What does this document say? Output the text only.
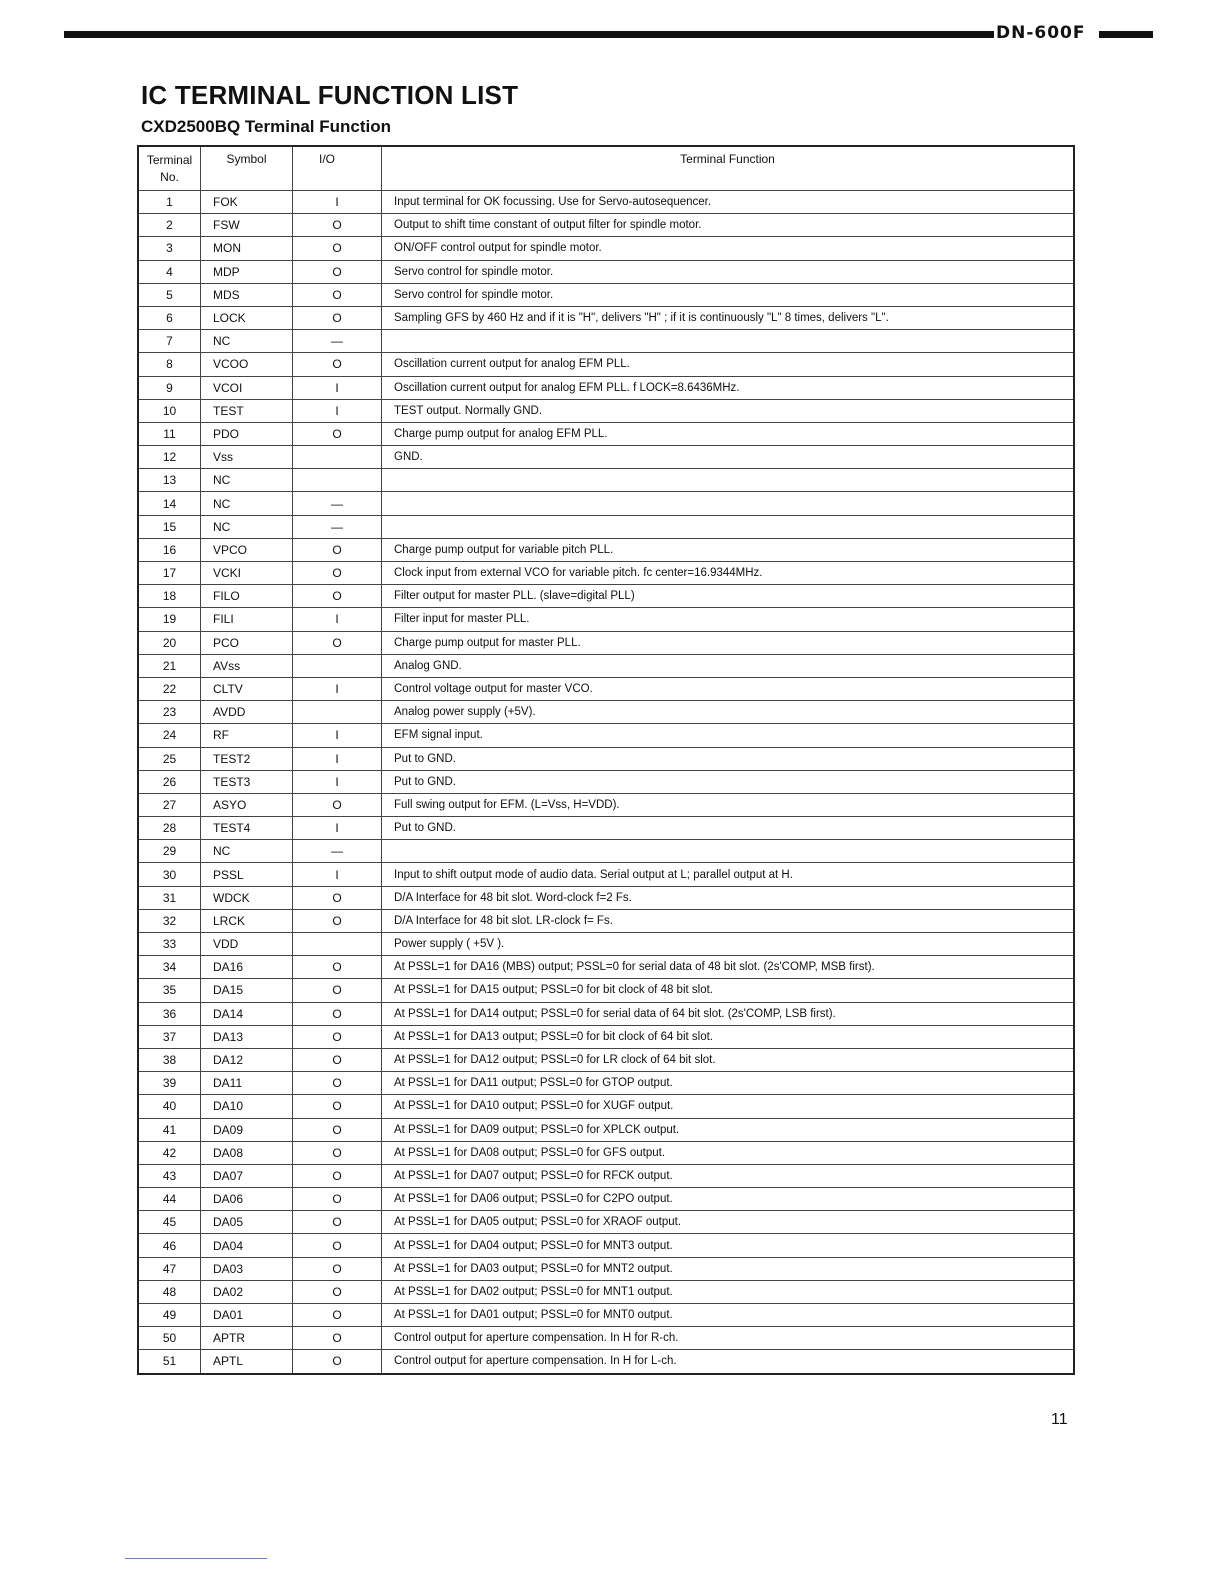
DN-600F
IC TERMINAL FUNCTION LIST
CXD2500BQ Terminal Function
Terminal
No.	Symbol	I/O	Terminal Function
1	FOK	I	Input terminal for OK focussing. Use for Servo-autosequencer.
2	FSW	O	Output to shift time constant of output filter for spindle motor.
3	MON	O	ON/OFF control output for spindle motor.
4	MDP	O	Servo control for spindle motor.
5	MDS	O	Servo control for spindle motor.
6	LOCK	O	Sampling GFS by 460 Hz and if it is "H", delivers "H" ; if it is continuously "L" 8 times, delivers "L".
7	NC	—	
8	VCOO	O	Oscillation current output for analog EFM PLL.
9	VCOI	I	Oscillation current output for analog EFM PLL. f LOCK=8.6436MHz.
10	TEST	I	TEST output. Normally GND.
11	PDO	O	Charge pump output for analog EFM PLL.
12	Vss		GND.
13	NC		
14	NC	—	
15	NC	—	
16	VPCO	O	Charge pump output for variable pitch PLL.
17	VCKI	O	Clock input from external VCO for variable pitch. fc center=16.9344MHz.
18	FILO	O	Filter output for master PLL. (slave=digital PLL)
19	FILI	I	Filter input for master PLL.
20	PCO	O	Charge pump output for master PLL.
21	AVss		Analog GND.
22	CLTV	I	Control voltage output for master VCO.
23	AVDD		Analog power supply (+5V).
24	RF	I	EFM signal input.
25	TEST2	I	Put to GND.
26	TEST3	I	Put to GND.
27	ASYO	O	Full swing output for EFM. (L=Vss, H=VDD).
28	TEST4	I	Put to GND.
29	NC	—	
30	PSSL	I	Input to shift output mode of audio data. Serial output at L; parallel output at H.
31	WDCK	O	D/A Interface for 48 bit slot. Word-clock f=2 Fs.
32	LRCK	O	D/A Interface for 48 bit slot. LR-clock f= Fs.
33	VDD		Power supply ( +5V ).
34	DA16	O	At PSSL=1 for DA16 (MBS) output; PSSL=0 for serial data of 48 bit slot. (2s'COMP, MSB first).
35	DA15	O	At PSSL=1 for DA15 output; PSSL=0 for bit clock of 48 bit slot.
36	DA14	O	At PSSL=1 for DA14 output; PSSL=0 for serial data of 64 bit slot. (2s'COMP, LSB first).
37	DA13	O	At PSSL=1 for DA13 output; PSSL=0 for bit clock of 64 bit slot.
38	DA12	O	At PSSL=1 for DA12 output; PSSL=0 for LR clock of 64 bit slot.
39	DA11	O	At PSSL=1 for DA11 output; PSSL=0 for GTOP output.
40	DA10	O	At PSSL=1 for DA10 output; PSSL=0 for XUGF output.
41	DA09	O	At PSSL=1 for DA09 output; PSSL=0 for XPLCK output.
42	DA08	O	At PSSL=1 for DA08 output; PSSL=0 for GFS output.
43	DA07	O	At PSSL=1 for DA07 output; PSSL=0 for RFCK output.
44	DA06	O	At PSSL=1 for DA06 output; PSSL=0 for C2PO output.
45	DA05	O	At PSSL=1 for DA05 output; PSSL=0 for XRAOF output.
46	DA04	O	At PSSL=1 for DA04 output; PSSL=0 for MNT3 output.
47	DA03	O	At PSSL=1 for DA03 output; PSSL=0 for MNT2 output.
48	DA02	O	At PSSL=1 for DA02 output; PSSL=0 for MNT1 output.
49	DA01	O	At PSSL=1 for DA01 output; PSSL=0 for MNT0 output.
50	APTR	O	Control output for aperture compensation. In H for R-ch.
51	APTL	O	Control output for aperture compensation. In H for L-ch.
11
